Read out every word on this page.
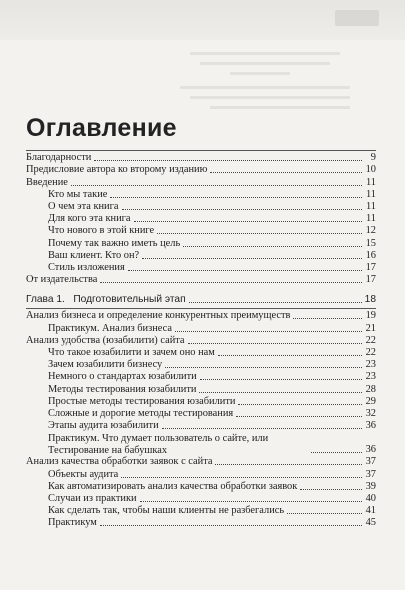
Оглавление
Благодарности	9
Предисловие автора ко второму изданию	10
Введение	11
Кто мы такие	11
О чем эта книга	11
Для кого эта книга	11
Что нового в этой книге	12
Почему так важно иметь цель	15
Ваш клиент. Кто он?	16
Стиль изложения	17
От издательства	17
Глава 1.   Подготовительный этап	18
Анализ бизнеса и определение конкурентных преимуществ	19
Практикум. Анализ бизнеса	21
Анализ удобства (юзабилити) сайта	22
Что такое юзабилити и зачем оно нам	22
Зачем юзабилити бизнесу	23
Немного о стандартах юзабилити	23
Методы тестирования юзабилити	28
Простые методы тестирования юзабилити	29
Сложные и дорогие методы тестирования	32
Этапы аудита юзабилити	36
Практикум. Что думает пользователь о сайте, или Тестирование на бабушках	36
Анализ качества обработки заявок с сайта	37
Объекты аудита	37
Как автоматизировать анализ качества обработки заявок	39
Случаи из практики	40
Как сделать так, чтобы наши клиенты не разбегались	41
Практикум	45
